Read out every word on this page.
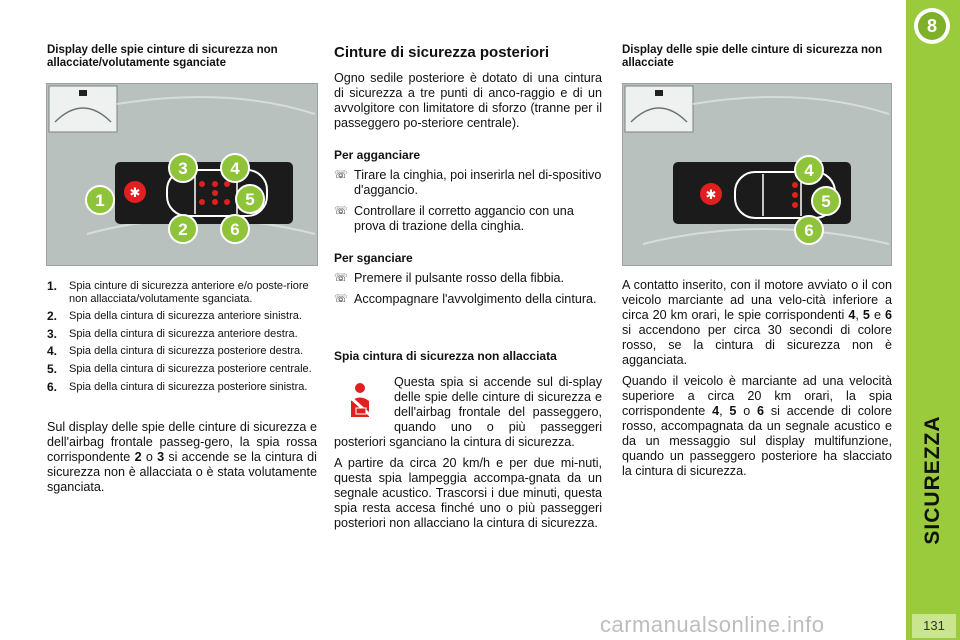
8
SICUREZZA
131
carmanualsonline.info

Display delle spie cinture di sicurezza non allacciate/volutamente sganciate

✱
1
2
3	4
5
6
1.	Spia cinture di sicurezza anteriore e/o poste-riore non allacciata/volutamente sganciata.
2.	Spia della cintura di sicurezza anteriore sinistra.
3.	Spia della cintura di sicurezza anteriore destra.
4.	Spia della cintura di sicurezza posteriore destra.
5.	Spia della cintura di sicurezza posteriore centrale.
6.	Spia della cintura di sicurezza posteriore sinistra.

Sul display delle spie delle cinture di sicurezza e dell'airbag frontale passeg-gero, la spia rossa corrispondente 2 o 3 si accende se la cintura di sicurezza non è allacciata o è stata volutamente sganciata.

Cinture di sicurezza posteriori

Ogno sedile posteriore è dotato di una cintura di sicurezza a tre punti di anco-raggio e di un avvolgitore con limitatore di sforzo (tranne per il passeggero po-steriore centrale).

Per agganciare

☏ Tirare la cinghia, poi inserirla nel di-spositivo d'aggancio.
☏ Controllare il corretto aggancio con una prova di trazione della cinghia.

Per sganciare

☏ Premere il pulsante rosso della fibbia.
☏ Accompagnare l'avvolgimento della cintura.

Spia cintura di sicurezza non allacciata

Questa spia si accende sul di-splay delle spie delle cinture di sicurezza e dell'airbag frontale del passeggero, quando uno o più passeggeri posteriori sganciano la cintura di sicurezza.

A partire da circa 20 km/h e per due mi-nuti, questa spia lampeggia accompa-gnata da un segnale acustico. Trascorsi i due minuti, questa spia resta accesa finché uno o più passeggeri posteriori non allacciano la cintura di sicurezza.

Display delle spie delle cinture di sicurezza non allacciate

✱
4
5
6

A contatto inserito, con il motore avviato o il con veicolo marciante ad una velo-cità inferiore a circa 20 km orari, le spie corrispondenti 4, 5 e 6 si accendono per circa 30 secondi di colore rosso, se la cintura di sicurezza non è agganciata.

Quando il veicolo è marciante ad una velocità superiore a circa 20 km orari, la spia corrispondente 4, 5 o 6 si accende di colore rosso, accompagnata da un segnale acustico e da un messaggio sul display multifunzione, quando un passeggero posteriore ha slacciato la cintura di sicurezza.
